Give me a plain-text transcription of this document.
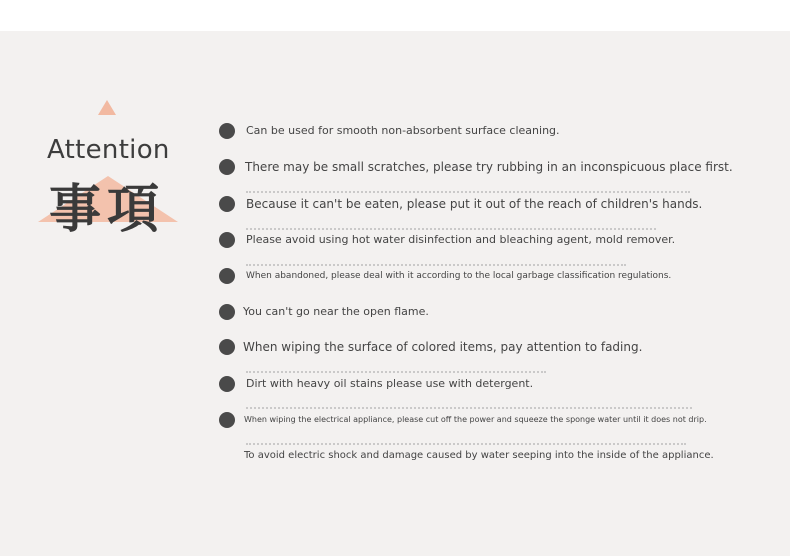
Attention
事項
Can be used for smooth non-absorbent surface cleaning.
There may be small scratches, please try rubbing in an inconspicuous place first.
Because it can't be eaten, please put it out of the reach of children's hands.
Please avoid using hot water disinfection and bleaching agent, mold remover.
When abandoned, please deal with it according to the local garbage classification regulations.
You can't go near the open flame.
When wiping the surface of colored items, pay attention to fading.
Dirt with heavy oil stains please use with detergent.
When wiping the electrical appliance, please cut off the power and squeeze the sponge water until it does not drip.
To avoid electric shock and damage caused by water seeping into the inside of the appliance.
